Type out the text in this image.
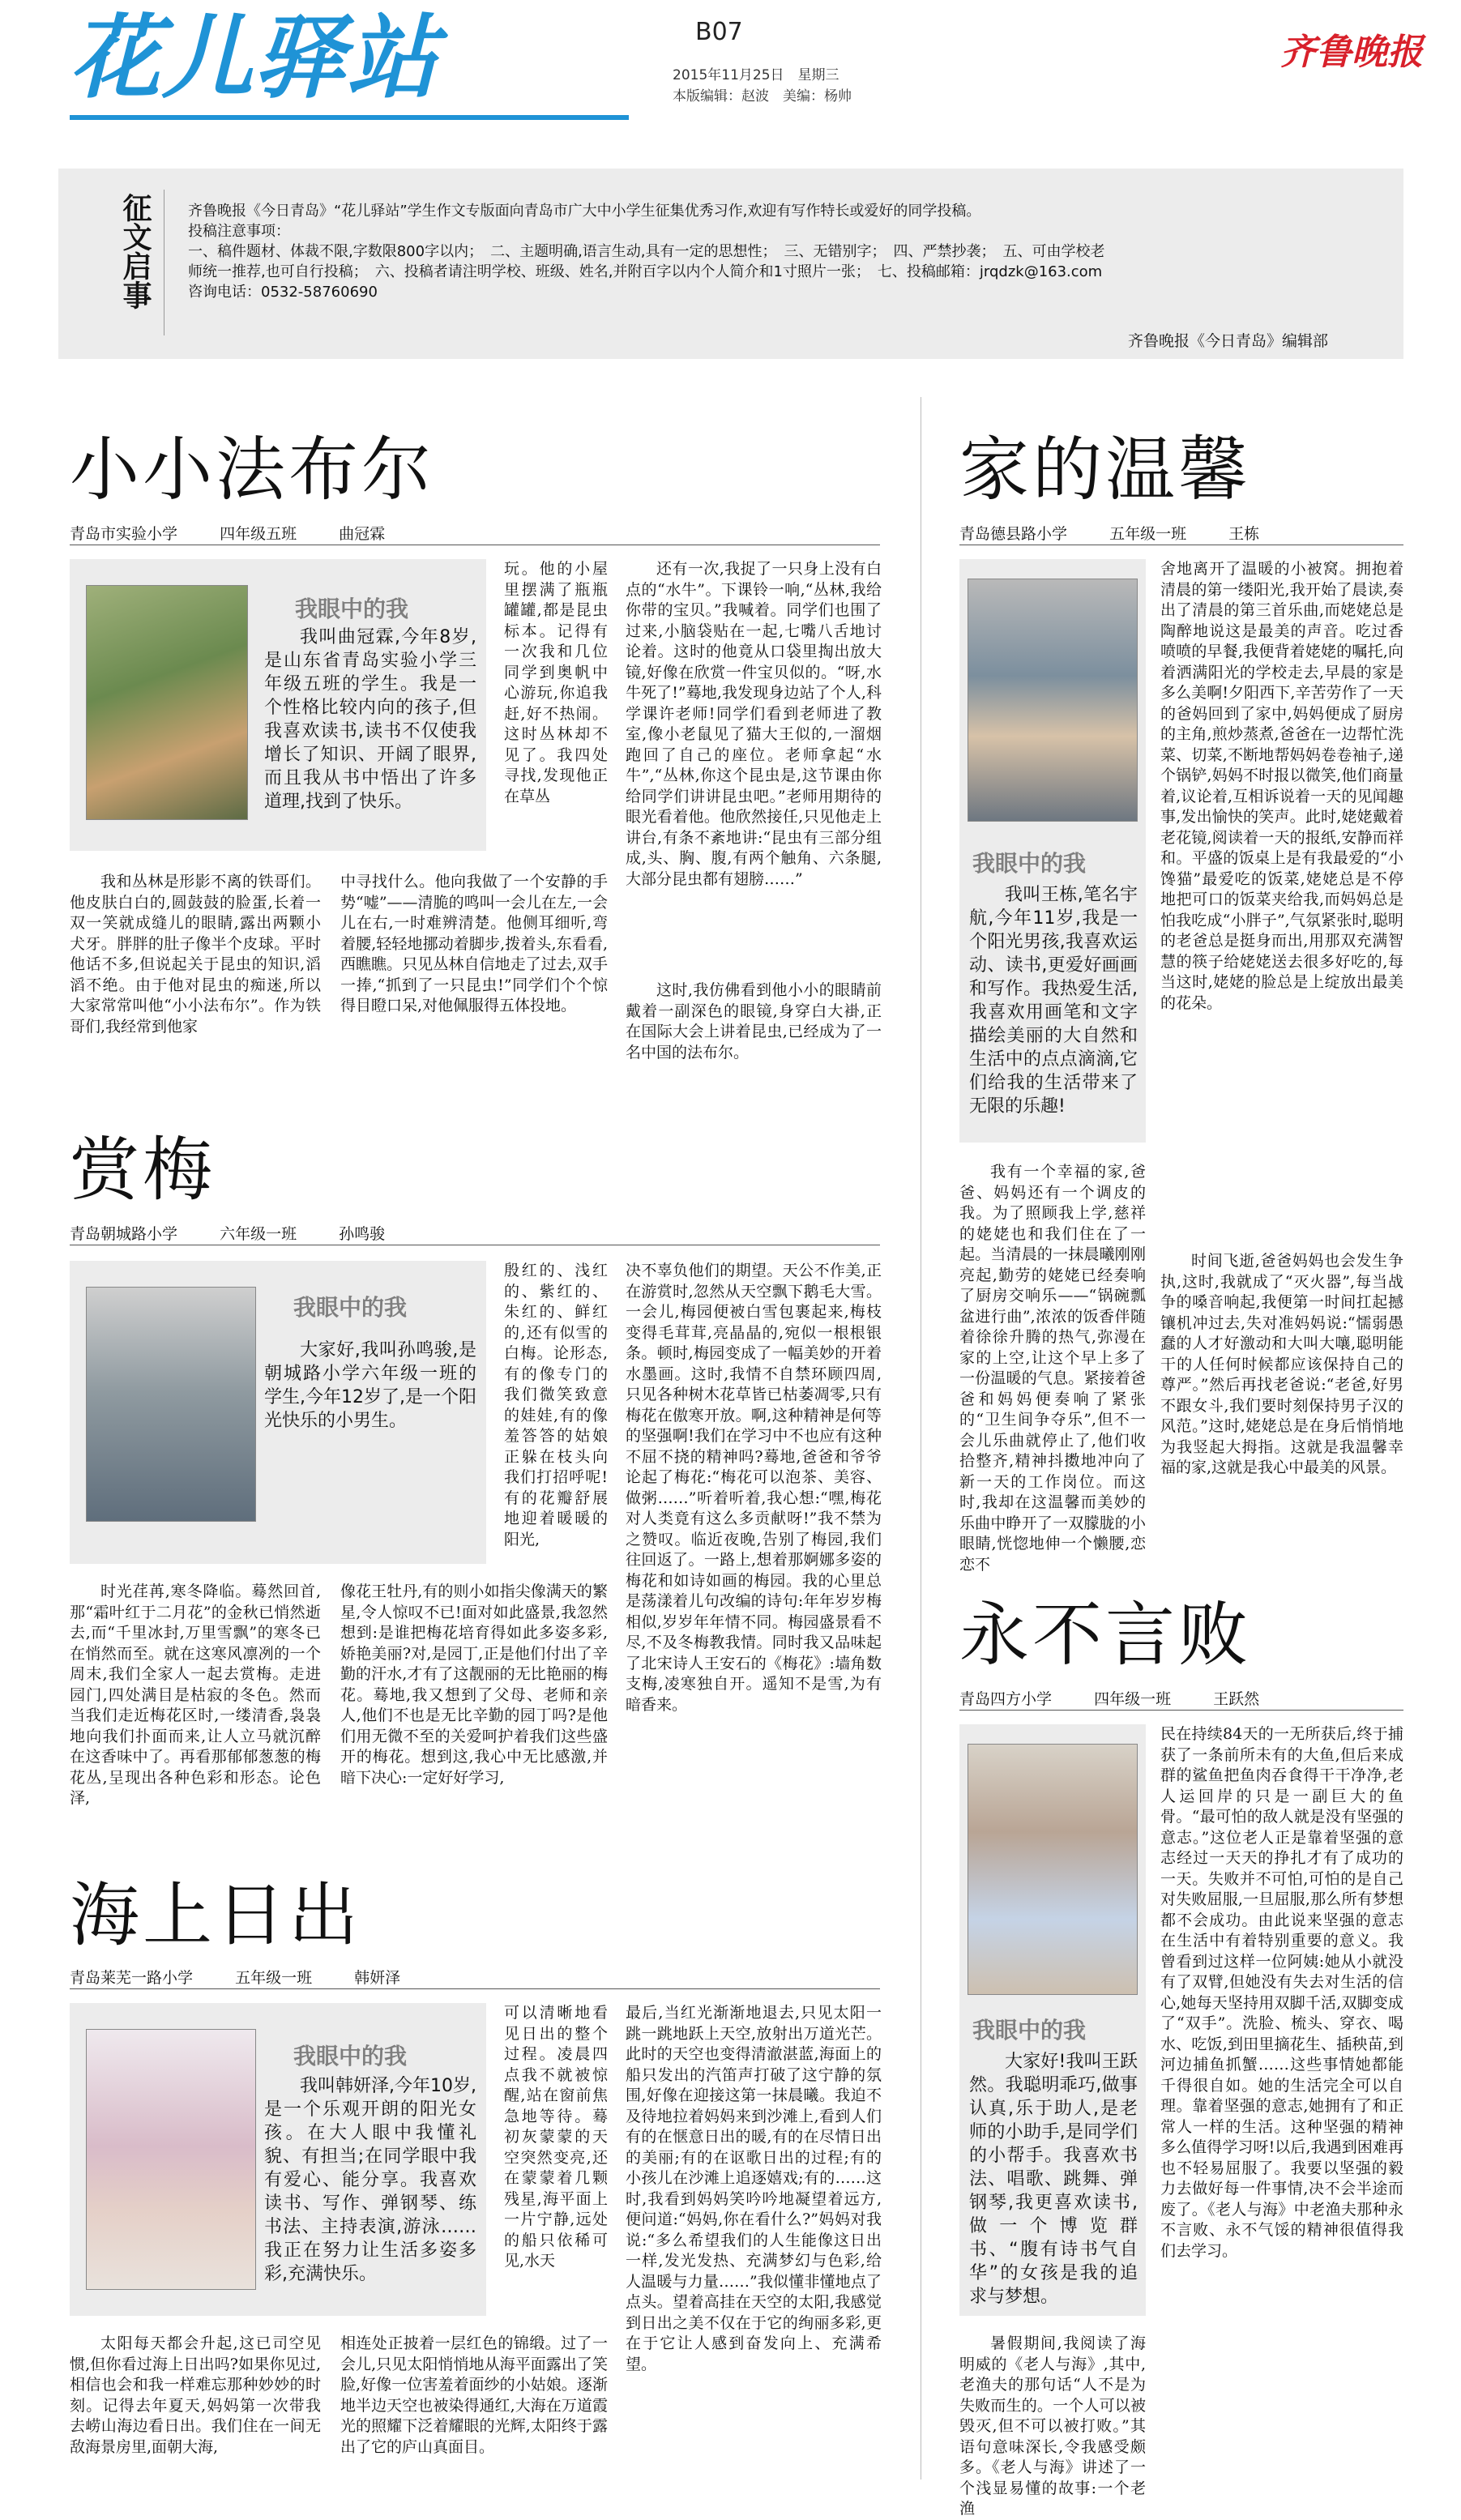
花儿驿站	B07
2015年11月25日　星期三
本版编辑：赵波　美编：杨帅
齐鲁晚报
征文启事	齐鲁晚报《今日青岛》“花儿驿站”学生作文专版面向青岛市广大中小学生征集优秀习作,欢迎有写作特长或爱好的同学投稿。
投稿注意事项：
一、稿件题材、体裁不限,字数限800字以内；　二、主题明确,语言生动,具有一定的思想性；　三、无错别字；　四、严禁抄袭；　五、可由学校老
师统一推荐,也可自行投稿；　六、投稿者请注明学校、班级、姓名,并附百字以内个人简介和1寸照片一张；　七、投稿邮箱：jrqdzk@163.com
咨询电话：0532-58760690
齐鲁晚报《今日青岛》编辑部
小小法布尔
青岛市实验小学	四年级五班	曲冠霖
我眼中的我

我叫曲冠霖,今年8岁,是山东省青岛实验小学三年级五班的学生。我是一个性格比较内向的孩子,但我喜欢读书,读书不仅使我增长了知识、开阔了眼界,而且我从书中悟出了许多道理,找到了快乐。

玩。他的小屋里摆满了瓶瓶罐罐,都是昆虫标本。记得有一次我和几位同学到奥帆中心游玩,你追我赶,好不热闹。这时丛林却不见了。我四处寻找,发现他正在草丛

我和丛林是形影不离的铁哥们。他皮肤白白的,圆鼓鼓的脸蛋,长着一双一笑就成缝儿的眼睛,露出两颗小犬牙。胖胖的肚子像半个皮球。平时他话不多,但说起关于昆虫的知识,滔滔不绝。由于他对昆虫的痴迷,所以大家常常叫他“小小法布尔”。作为铁哥们,我经常到他家

中寻找什么。他向我做了一个安静的手势“嘘”——清脆的鸣叫一会儿在左,一会儿在右,一时难辨清楚。他侧耳细听,弯着腰,轻轻地挪动着脚步,拨着头,东看看,西瞧瞧。只见丛林自信地走了过去,双手一捧,“抓到了一只昆虫!”同学们个个惊得目瞪口呆,对他佩服得五体投地。

还有一次,我捉了一只身上没有白点的“水牛”。下课铃一响,“丛林,我给你带的宝贝。”我喊着。同学们也围了过来,小脑袋贴在一起,七嘴八舌地讨论着。这时的他竟从口袋里掏出放大镜,好像在欣赏一件宝贝似的。“呀,水牛死了!”蓦地,我发现身边站了个人,科学课许老师!同学们看到老师进了教室,像小老鼠见了猫大王似的,一溜烟跑回了自己的座位。老师拿起“水牛”,“丛林,你这个昆虫是,这节课由你给同学们讲讲昆虫吧。”老师用期待的眼光看着他。他欣然接任,只见他走上讲台,有条不紊地讲:“昆虫有三部分组成,头、胸、腹,有两个触角、六条腿,大部分昆虫都有翅膀……”

这时,我仿佛看到他小小的眼睛前戴着一副深色的眼镜,身穿白大褂,正在国际大会上讲着昆虫,已经成为了一名中国的法布尔。

赏梅
青岛朝城路小学	六年级一班	孙鸣骏
我眼中的我

大家好,我叫孙鸣骏,是朝城路小学六年级一班的学生,今年12岁了,是一个阳光快乐的小男生。

殷红的、浅红的、紫红的、朱红的、鲜红的,还有似雪的白梅。论形态,有的像专门的我们微笑致意的娃娃,有的像羞答答的姑娘正躲在枝头向我们打招呼呢!有的花瓣舒展地迎着暖暖的阳光,

时光荏苒,寒冬降临。蓦然回首,那“霜叶红于二月花”的金秋已悄然逝去,而“千里冰封,万里雪飘”的寒冬已在悄然而至。就在这寒风凛冽的一个周末,我们全家人一起去赏梅。走进园门,四处满目是枯寂的冬色。然而当我们走近梅花区时,一缕清香,袅袅地向我们扑面而来,让人立马就沉醉在这香味中了。再看那郁郁葱葱的梅花丛,呈现出各种色彩和形态。论色泽,

像花王牡丹,有的则小如指尖像满天的繁星,令人惊叹不已!面对如此盛景,我忽然想到:是谁把梅花培育得如此多姿多彩,娇艳美丽?对,是园丁,正是他们付出了辛勤的汗水,才有了这靓丽的无比艳丽的梅花。蓦地,我又想到了父母、老师和亲人,他们不也是无比辛勤的园丁吗?是他们用无微不至的关爱呵护着我们这些盛开的梅花。想到这,我心中无比感激,并暗下决心:一定好好学习,

决不辜负他们的期望。天公不作美,正在游赏时,忽然从天空飘下鹅毛大雪。一会儿,梅园便被白雪包裹起来,梅枝变得毛茸茸,亮晶晶的,宛似一根根银条。顿时,梅园变成了一幅美妙的开着水墨画。这时,我情不自禁环顾四周,只见各种树木花草皆已枯萎凋零,只有梅花在傲寒开放。啊,这种精神是何等的坚强啊!我们在学习中不也应有这种不屈不挠的精神吗?蓦地,爸爸和爷爷论起了梅花:“梅花可以泡茶、美容、做粥……”听着听着,我心想:“嘿,梅花对人类竟有这么多贡献呀!”我不禁为之赞叹。临近夜晚,告别了梅园,我们往回返了。一路上,想着那婀娜多姿的梅花和如诗如画的梅园。我的心里总是荡漾着儿句改编的诗句:年年岁岁梅相似,岁岁年年情不同。梅园盛景看不尽,不及冬梅教我情。同时我又品味起了北宋诗人王安石的《梅花》:墙角数支梅,凌寒独自开。遥知不是雪,为有暗香来。

海上日出
青岛莱芜一路小学	五年级一班	韩妍泽
我眼中的我

我叫韩妍泽,今年10岁,是一个乐观开朗的阳光女孩。在大人眼中我懂礼貌、有担当;在同学眼中我有爱心、能分享。我喜欢读书、写作、弹钢琴、练书法、主持表演,游泳……我正在努力让生活多姿多彩,充满快乐。

可以清晰地看见日出的整个过程。凌晨四点我不就被惊醒,站在窗前焦急地等待。蓦初灰蒙蒙的天空突然变亮,还在蒙蒙着几颗残星,海平面上一片宁静,远处的船只依稀可见,水天

太阳每天都会升起,这已司空见惯,但你看过海上日出吗?如果你见过,相信也会和我一样难忘那种妙妙的时刻。记得去年夏天,妈妈第一次带我去崂山海边看日出。我们住在一间无敌海景房里,面朝大海,

相连处正披着一层红色的锦缎。过了一会儿,只见太阳悄悄地从海平面露出了笑脸,好像一位害羞着面纱的小姑娘。逐渐地半边天空也被染得通红,大海在万道霞光的照耀下泛着耀眼的光辉,太阳终于露出了它的庐山真面目。

最后,当红光渐渐地退去,只见太阳一跳一跳地跃上天空,放射出万道光芒。此时的天空也变得清澈湛蓝,海面上的船只发出的汽笛声打破了这宁静的氛围,好像在迎接这第一抹晨曦。我迫不及待地拉着妈妈来到沙滩上,看到人们有的在惬意日出的暖,有的在尽情日出的美丽;有的在讴歌日出的过程;有的小孩儿在沙滩上追逐嬉戏;有的……这时,我看到妈妈笑吟吟地凝望着远方,便问道:“妈妈,你在看什么?”妈妈对我说:“多么希望我们的人生能像这日出一样,发光发热、充满梦幻与色彩,给人温暖与力量……”我似懂非懂地点了点头。望着高挂在天空的太阳,我感觉到日出之美不仅在于它的绚丽多彩,更在于它让人感到奋发向上、充满希望。

家的温馨
青岛德县路小学	五年级一班	王栋
我眼中的我

我叫王栋,笔名宇航,今年11岁,我是一个阳光男孩,我喜欢运动、读书,更爱好画画和写作。我热爱生活,我喜欢用画笔和文字描绘美丽的大自然和生活中的点点滴滴,它们给我的生活带来了无限的乐趣!

舍地离开了温暖的小被窝。拥抱着清晨的第一缕阳光,我开始了晨读,奏出了清晨的第三首乐曲,而姥姥总是陶醉地说这是最美的声音。吃过香喷喷的早餐,我便背着姥姥的嘱托,向着洒满阳光的学校走去,早晨的家是多么美啊!夕阳西下,辛苦劳作了一天的爸妈回到了家中,妈妈便成了厨房的主角,煎炒蒸煮,爸爸在一边帮忙洗菜、切菜,不断地帮妈妈卷卷袖子,递个锅铲,妈妈不时报以微笑,他们商量着,议论着,互相诉说着一天的见闻趣事,发出愉快的笑声。此时,姥姥戴着老花镜,阅读着一天的报纸,安静而祥和。平盛的饭桌上是有我最爱的“小馋猫”最爱吃的饭菜,姥姥总是不停地把可口的饭菜夹给我,而妈妈总是怕我吃成“小胖子”,气氛紧张时,聪明的老爸总是挺身而出,用那双充满智慧的筷子给姥姥送去很多好吃的,每当这时,姥姥的脸总是上绽放出最美的花朵。

我有一个幸福的家,爸爸、妈妈还有一个调皮的我。为了照顾我上学,慈祥的姥姥也和我们住在了一起。当清晨的一抹晨曦刚刚亮起,勤劳的姥姥已经奏响了厨房交响乐——“锅碗瓢盆进行曲”,浓浓的饭香伴随着徐徐升腾的热气,弥漫在家的上空,让这个早上多了一份温暖的气息。紧接着爸爸和妈妈便奏响了紧张的“卫生间争夺乐”,但不一会儿乐曲就停止了,他们收拾整齐,精神抖擞地冲向了新一天的工作岗位。而这时,我却在这温馨而美妙的乐曲中睁开了一双朦胧的小眼睛,恍惚地伸一个懒腰,恋恋不

时间飞逝,爸爸妈妈也会发生争执,这时,我就成了“灭火器”,每当战争的嗓音响起,我便第一时间扛起撼镶机冲过去,失对准妈妈说:“懦弱愚蠢的人才好激动和大叫大嚷,聪明能干的人任何时候都应该保持自己的尊严。”然后再找老爸说:“老爸,好男不跟女斗,我们要时刻保持男子汉的风范。”这时,姥姥总是在身后悄悄地为我竖起大拇指。这就是我温馨幸福的家,这就是我心中最美的风景。

永不言败
青岛四方小学	四年级一班	王跃然
我眼中的我

大家好!我叫王跃然。我聪明乖巧,做事认真,乐于助人,是老师的小助手,是同学们的小帮手。我喜欢书法、唱歌、跳舞、弹钢琴,我更喜欢读书,做一个博览群书、“腹有诗书气自华”的女孩是我的追求与梦想。

民在持续84天的一无所获后,终于捕获了一条前所未有的大鱼,但后来成群的鲨鱼把鱼肉吞食得干干净净,老人运回岸的只是一副巨大的鱼骨。“最可怕的敌人就是没有坚强的意志。”这位老人正是靠着坚强的意志经过一天天的挣扎才有了成功的一天。失败并不可怕,可怕的是自己对失败屈服,一旦屈服,那么所有梦想都不会成功。由此说来坚强的意志在生活中有着特别重要的意义。我曾看到过这样一位阿姨:她从小就没有了双臂,但她没有失去对生活的信心,她每天坚持用双脚千活,双脚变成了“双手”。洗脸、梳头、穿衣、喝水、吃饭,到田里摘花生、插秧苗,到河边捕鱼抓蟹……这些事情她都能千得很自如。她的生活完全可以自理。靠着坚强的意志,她拥有了和正常人一样的生活。这种坚强的精神多么值得学习呀!以后,我遇到困难再也不轻易屈服了。我要以坚强的毅力去做好每一件事情,决不会半途而废了。《老人与海》中老渔夫那种永不言败、永不气馁的精神很值得我们去学习。

暑假期间,我阅读了海明威的《老人与海》,其中,老渔夫的那句话“人不是为失败而生的。一个人可以被毁灭,但不可以被打败。”其语句意味深长,令我感受颇多。《老人与海》讲述了一个浅显易懂的故事:一个老渔
